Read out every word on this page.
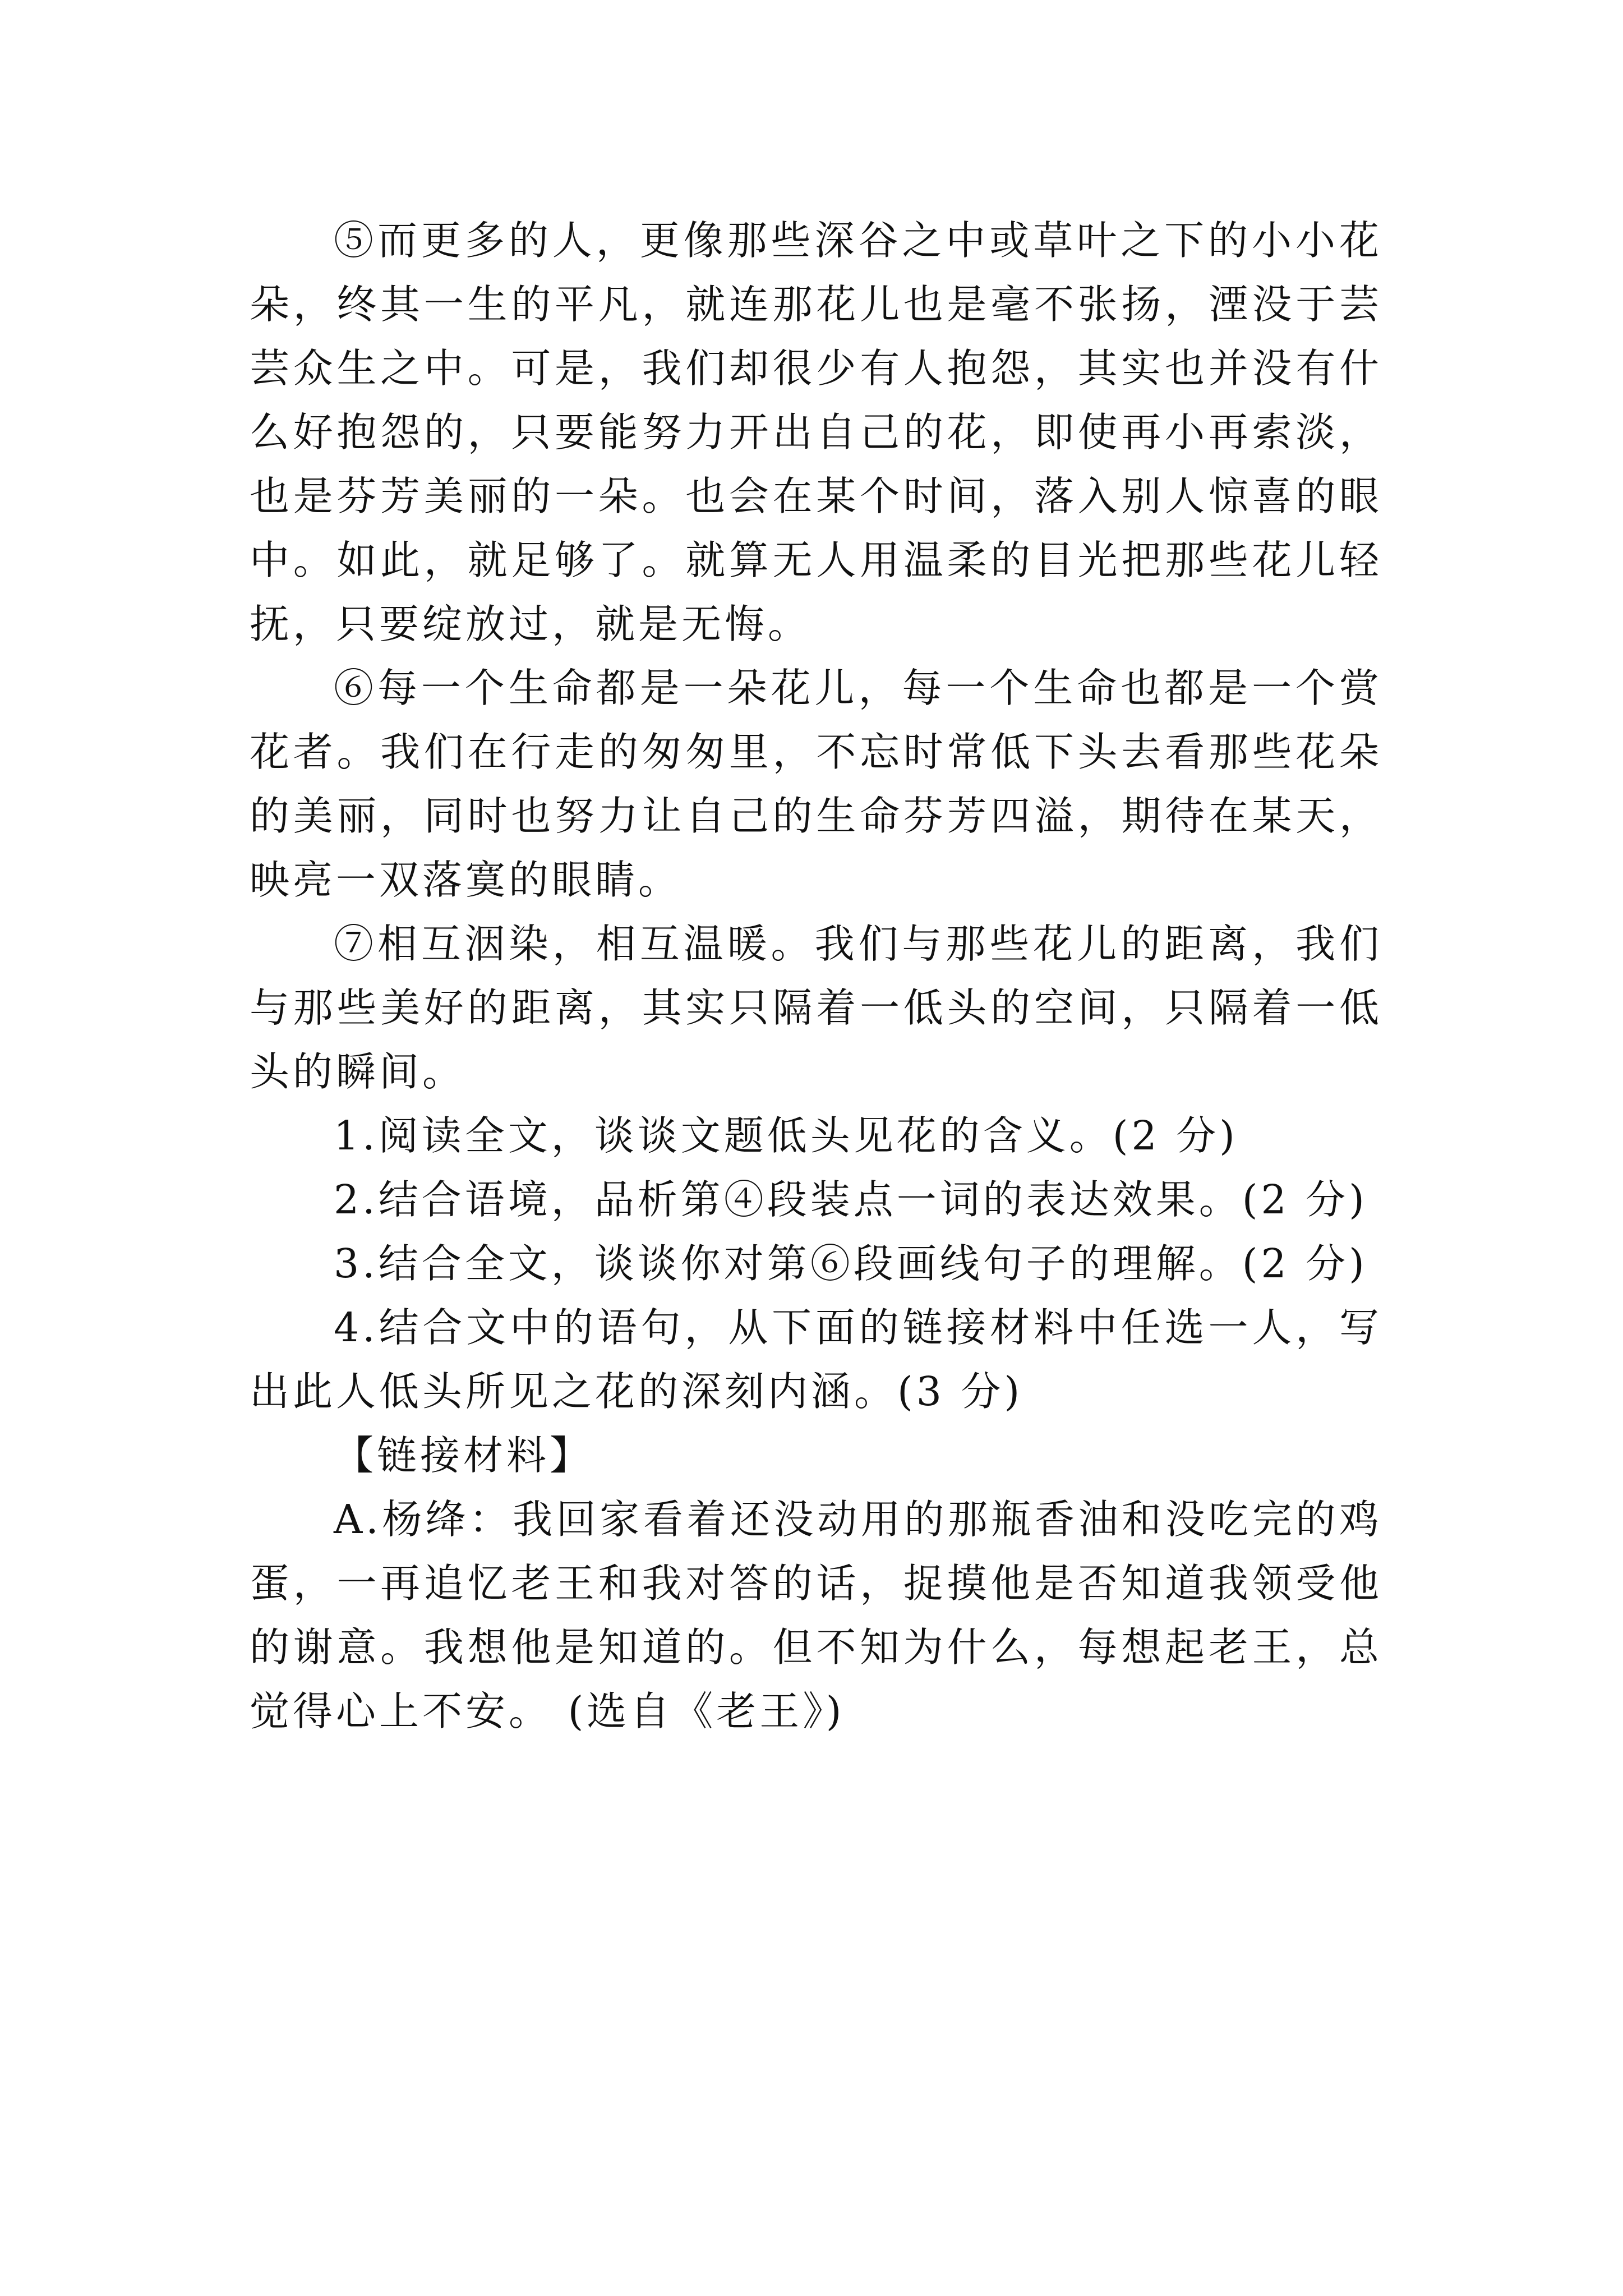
⑤而更多的人，更像那些深谷之中或草叶之下的小小花朵，终其一生的平凡，就连那花儿也是毫不张扬，湮没于芸芸众生之中。可是，我们却很少有人抱怨，其实也并没有什么好抱怨的，只要能努力开出自己的花，即使再小再索淡，也是芬芳美丽的一朵。也会在某个时间，落入别人惊喜的眼中。如此，就足够了。就算无人用温柔的目光把那些花儿轻抚，只要绽放过，就是无悔。

⑥每一个生命都是一朵花儿，每一个生命也都是一个赏花者。我们在行走的匆匆里，不忘时常低下头去看那些花朵的美丽，同时也努力让自己的生命芬芳四溢，期待在某天，映亮一双落寞的眼睛。

⑦相互洇染，相互温暖。我们与那些花儿的距离，我们与那些美好的距离，其实只隔着一低头的空间，只隔着一低头的瞬间。

1.阅读全文，谈谈文题低头见花的含义。(2 分)

2.结合语境，品析第④段装点一词的表达效果。(2 分)

3.结合全文，谈谈你对第⑥段画线句子的理解。(2 分)

4.结合文中的语句，从下面的链接材料中任选一人，写出此人低头所见之花的深刻内涵。(3 分)

【链接材料】

A.杨绛：我回家看着还没动用的那瓶香油和没吃完的鸡蛋，一再追忆老王和我对答的话，捉摸他是否知道我领受他的谢意。我想他是知道的。但不知为什么，每想起老王，总觉得心上不安。 (选自《老王》)
